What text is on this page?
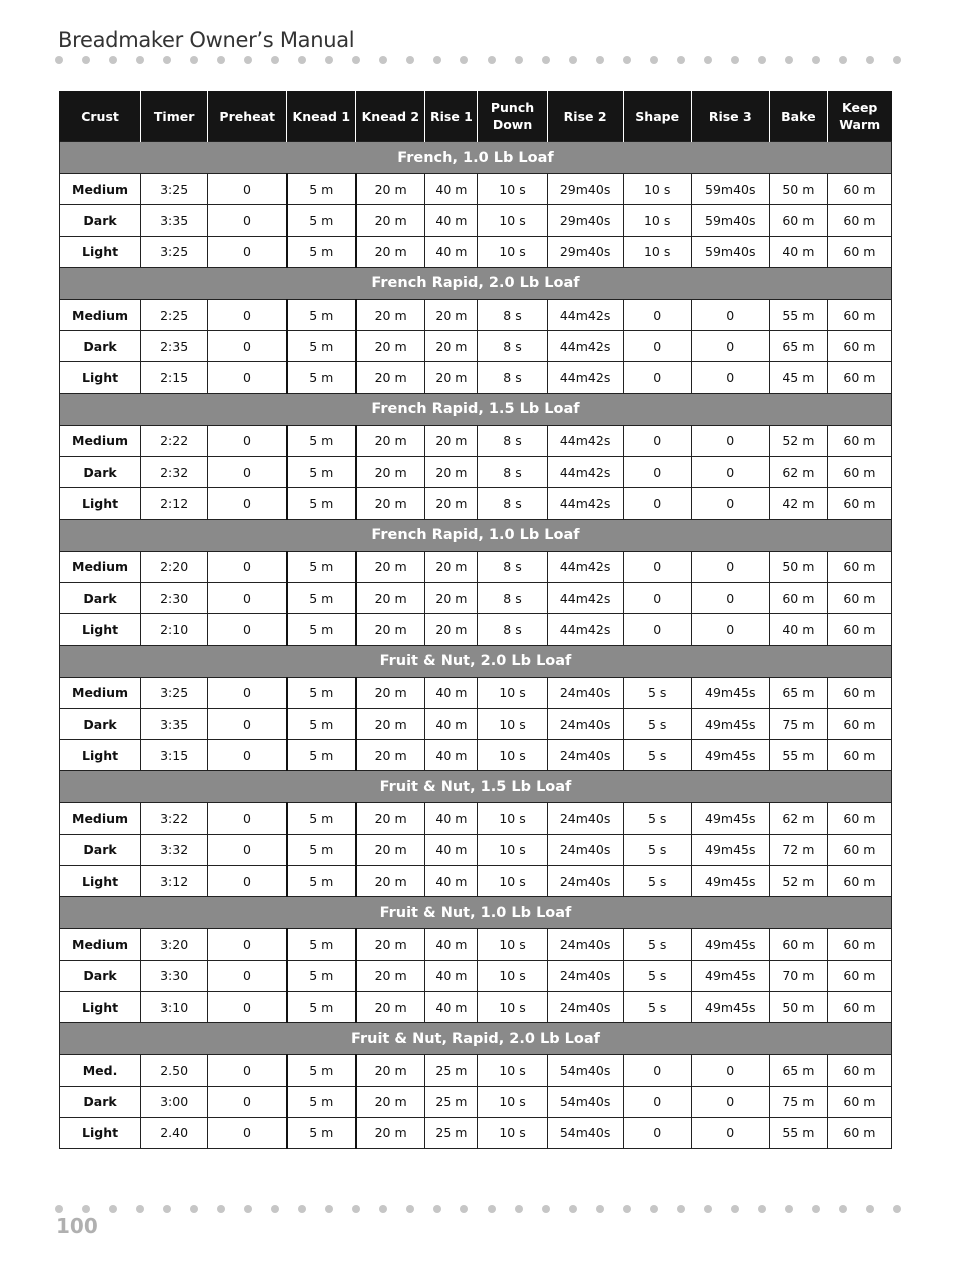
Breadmaker Owner’s Manual
Crust	Timer	Preheat	Knead 1	Knead 2	Rise 1	Punch Down	Rise 2	Shape	Rise 3	Bake	Keep Warm
French, 1.0 Lb Loaf											
Medium	3:25	0	5 m	20 m	40 m	10 s	29m40s	10 s	59m40s	50 m	60 m
Dark	3:35	0	5 m	20 m	40 m	10 s	29m40s	10 s	59m40s	60 m	60 m
Light	3:25	0	5 m	20 m	40 m	10 s	29m40s	10 s	59m40s	40 m	60 m
French Rapid, 2.0 Lb Loaf											
Medium	2:25	0	5 m	20 m	20 m	8 s	44m42s	0	0	55 m	60 m
Dark	2:35	0	5 m	20 m	20 m	8 s	44m42s	0	0	65 m	60 m
Light	2:15	0	5 m	20 m	20 m	8 s	44m42s	0	0	45 m	60 m
French Rapid, 1.5 Lb Loaf											
Medium	2:22	0	5 m	20 m	20 m	8 s	44m42s	0	0	52 m	60 m
Dark	2:32	0	5 m	20 m	20 m	8 s	44m42s	0	0	62 m	60 m
Light	2:12	0	5 m	20 m	20 m	8 s	44m42s	0	0	42 m	60 m
French Rapid, 1.0 Lb Loaf											
Medium	2:20	0	5 m	20 m	20 m	8 s	44m42s	0	0	50 m	60 m
Dark	2:30	0	5 m	20 m	20 m	8 s	44m42s	0	0	60 m	60 m
Light	2:10	0	5 m	20 m	20 m	8 s	44m42s	0	0	40 m	60 m
Fruit & Nut, 2.0 Lb Loaf											
Medium	3:25	0	5 m	20 m	40 m	10 s	24m40s	5 s	49m45s	65 m	60 m
Dark	3:35	0	5 m	20 m	40 m	10 s	24m40s	5 s	49m45s	75 m	60 m
Light	3:15	0	5 m	20 m	40 m	10 s	24m40s	5 s	49m45s	55 m	60 m
Fruit & Nut, 1.5 Lb Loaf											
Medium	3:22	0	5 m	20 m	40 m	10 s	24m40s	5 s	49m45s	62 m	60 m
Dark	3:32	0	5 m	20 m	40 m	10 s	24m40s	5 s	49m45s	72 m	60 m
Light	3:12	0	5 m	20 m	40 m	10 s	24m40s	5 s	49m45s	52 m	60 m
Fruit & Nut, 1.0 Lb Loaf											
Medium	3:20	0	5 m	20 m	40 m	10 s	24m40s	5 s	49m45s	60 m	60 m
Dark	3:30	0	5 m	20 m	40 m	10 s	24m40s	5 s	49m45s	70 m	60 m
Light	3:10	0	5 m	20 m	40 m	10 s	24m40s	5 s	49m45s	50 m	60 m
Fruit & Nut, Rapid, 2.0 Lb Loaf											
Med.	2.50	0	5 m	20 m	25 m	10 s	54m40s	0	0	65 m	60 m
Dark	3:00	0	5 m	20 m	25 m	10 s	54m40s	0	0	75 m	60 m
Light	2.40	0	5 m	20 m	25 m	10 s	54m40s	0	0	55 m	60 m
100
